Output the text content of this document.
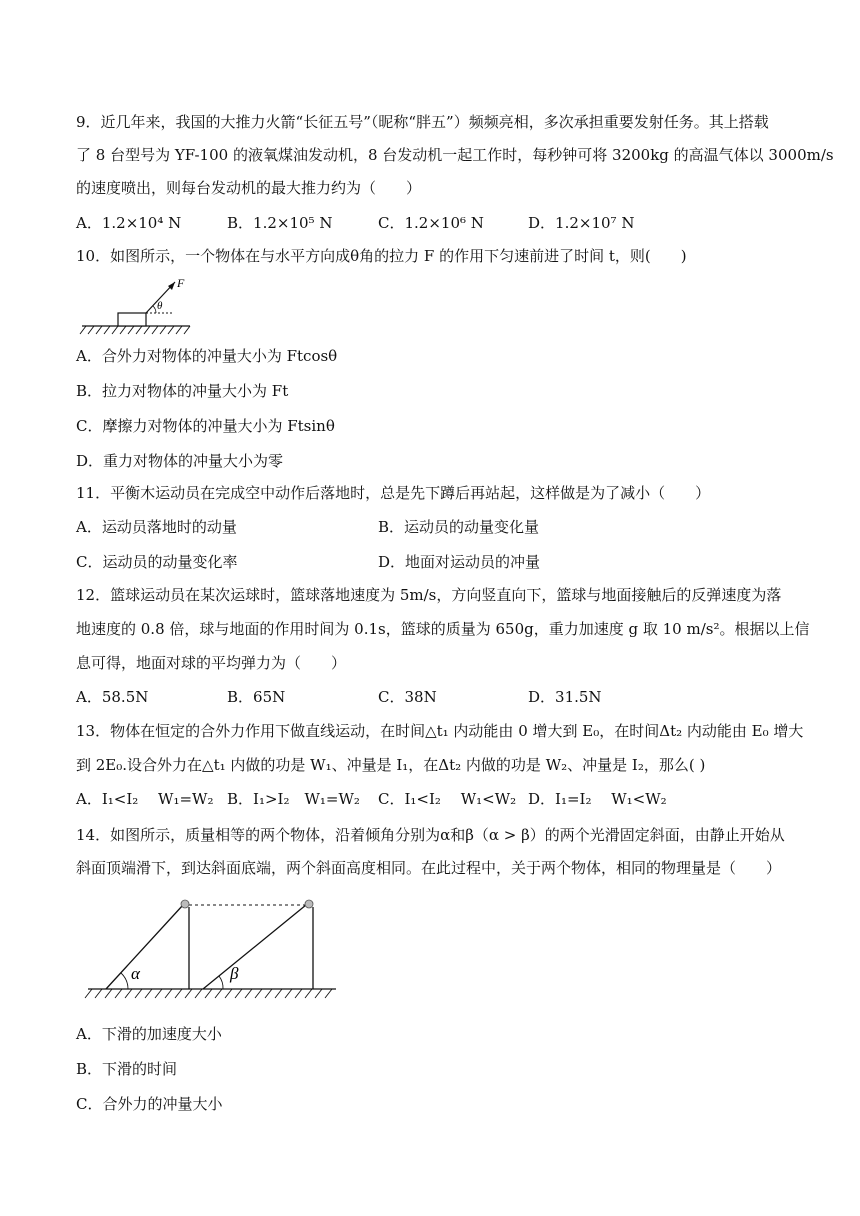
9．近几年来，我国的大推力火箭“长征五号”（昵称“胖五”）频频亮相，多次承担重要发射任务。其上搭载
了 8 台型号为 YF-100 的液氧煤油发动机，8 台发动机一起工作时，每秒钟可将 3200kg 的高温气体以 3000m/s
的速度喷出，则每台发动机的最大推力约为（　　）
A．1.2×10⁴ N	B．1.2×10⁵ N	C．1.2×10⁶ N	D．1.2×10⁷ N
10．如图所示，一个物体在与水平方向成θ角的拉力 F 的作用下匀速前进了时间 t，则(　　)
F
θ
A．合外力对物体的冲量大小为 Ftcosθ
B．拉力对物体的冲量大小为 Ft
C．摩擦力对物体的冲量大小为 Ftsinθ
D．重力对物体的冲量大小为零
11．平衡木运动员在完成空中动作后落地时，总是先下蹲后再站起，这样做是为了减小（　　）
A．运动员落地时的动量	B．运动员的动量变化量
C．运动员的动量变化率	D．地面对运动员的冲量
12．篮球运动员在某次运球时，篮球落地速度为 5m/s，方向竖直向下，篮球与地面接触后的反弹速度为落
地速度的 0.8 倍，球与地面的作用时间为 0.1s，篮球的质量为 650g，重力加速度 g 取 10 m/s²。根据以上信
息可得，地面对球的平均弹力为（　　）
A．58.5N	B．65N	C．38N	D．31.5N
13．物体在恒定的合外力作用下做直线运动，在时间△t₁ 内动能由 0 增大到 E₀，在时间Δt₂ 内动能由 E₀ 增大
到 2E₀.设合外力在△t₁ 内做的功是 W₁、冲量是 I₁，在Δt₂ 内做的功是 W₂、冲量是 I₂，那么( )
A．I₁<I₂　 W₁=W₂ B．I₁>I₂　W₁=W₂ C．I₁<I₂　 W₁<W₂ D．I₁=I₂　 W₁<W₂
14．如图所示，质量相等的两个物体，沿着倾角分别为α和β（α > β）的两个光滑固定斜面，由静止开始从
斜面顶端滑下，到达斜面底端，两个斜面高度相同。在此过程中，关于两个物体，相同的物理量是（　　）
α	β
A．下滑的加速度大小
B．下滑的时间
C．合外力的冲量大小
